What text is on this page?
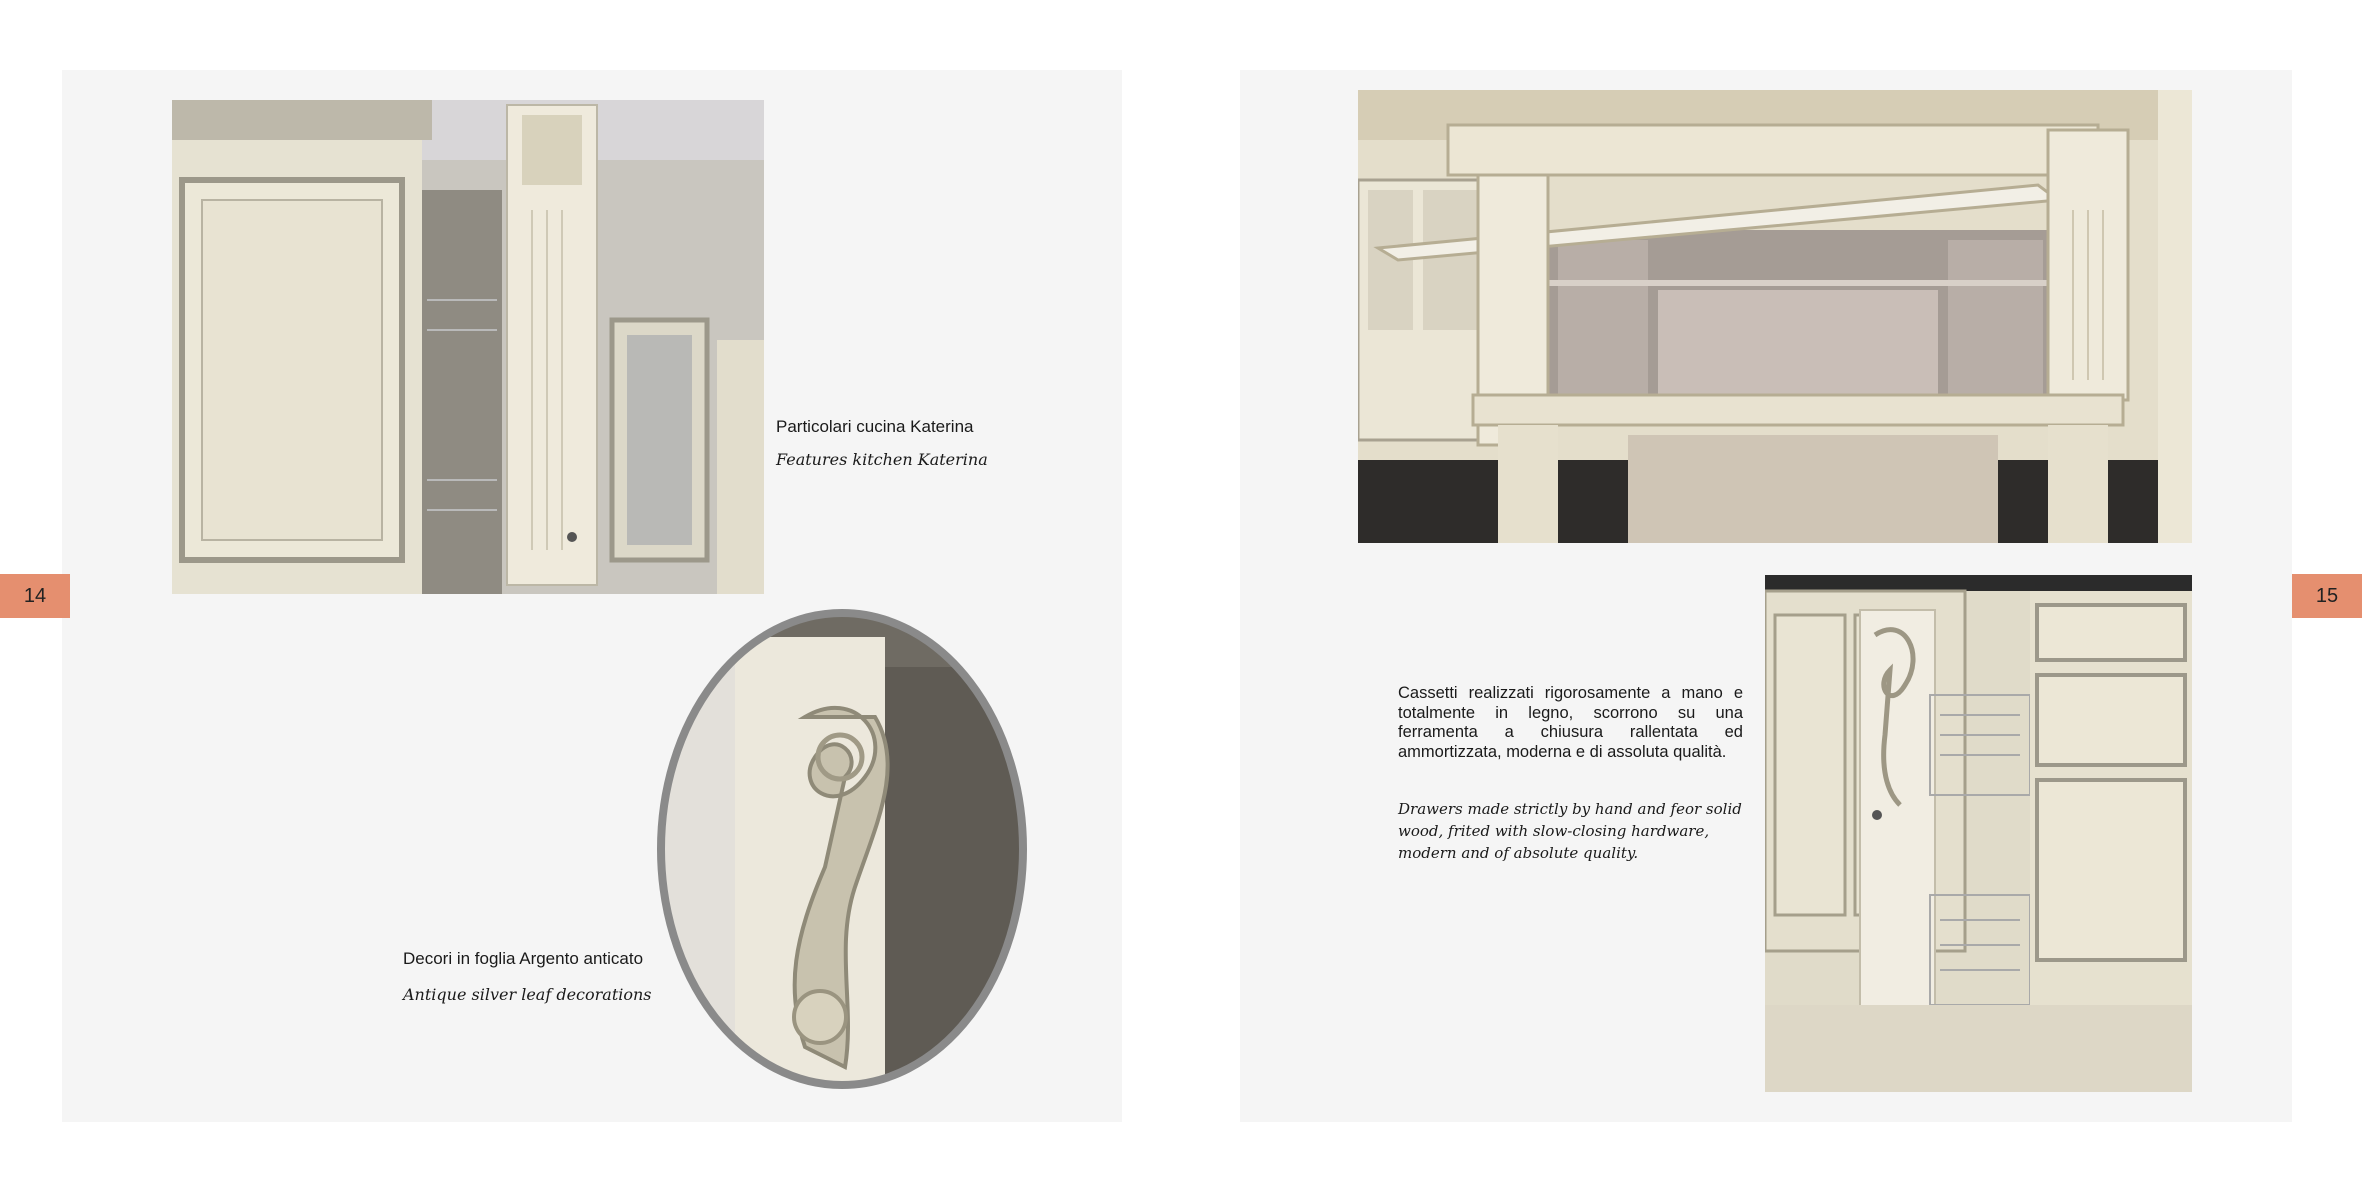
14	15
Particolari cucina Katerina
Features kitchen Katerina
Decori in foglia Argento anticato
Antique silver leaf decorations
Cassetti realizzati rigorosamente a mano e totalmente in legno, scorrono su una ferramenta a chiusura rallentata ed ammortizzata, moderna e di assoluta qualità.
Drawers made strictly by hand and feor solid wood, frited with slow-closing hardware, modern and of absolute quality.
